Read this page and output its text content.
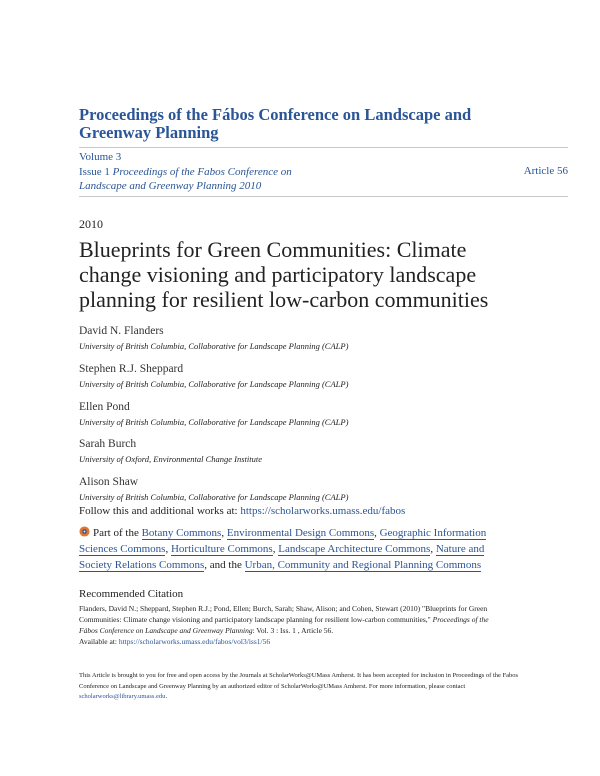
Proceedings of the Fábos Conference on Landscape and Greenway Planning
Volume 3
Issue 1 Proceedings of the Fabos Conference on Landscape and Greenway Planning 2010
Article 56
2010
Blueprints for Green Communities: Climate change visioning and participatory landscape planning for resilient low-carbon communities
David N. Flanders
University of British Columbia, Collaborative for Landscape Planning (CALP)
Stephen R.J. Sheppard
University of British Columbia, Collaborative for Landscape Planning (CALP)
Ellen Pond
University of British Columbia, Collaborative for Landscape Planning (CALP)
Sarah Burch
University of Oxford, Environmental Change Institute
Alison Shaw
University of British Columbia, Collaborative for Landscape Planning (CALP)
Follow this and additional works at: https://scholarworks.umass.edu/fabos
Part of the Botany Commons, Environmental Design Commons, Geographic Information Sciences Commons, Horticulture Commons, Landscape Architecture Commons, Nature and Society Relations Commons, and the Urban, Community and Regional Planning Commons
Recommended Citation
Flanders, David N.; Sheppard, Stephen R.J.; Pond, Ellen; Burch, Sarah; Shaw, Alison; and Cohen, Stewart (2010) "Blueprints for Green Communities: Climate change visioning and participatory landscape planning for resilient low-carbon communities," Proceedings of the Fábos Conference on Landscape and Greenway Planning: Vol. 3 : Iss. 1 , Article 56.
Available at: https://scholarworks.umass.edu/fabos/vol3/iss1/56
This Article is brought to you for free and open access by the Journals at ScholarWorks@UMass Amherst. It has been accepted for inclusion in Proceedings of the Fabos Conference on Landscape and Greenway Planning by an authorized editor of ScholarWorks@UMass Amherst. For more information, please contact scholarworks@library.umass.edu.
